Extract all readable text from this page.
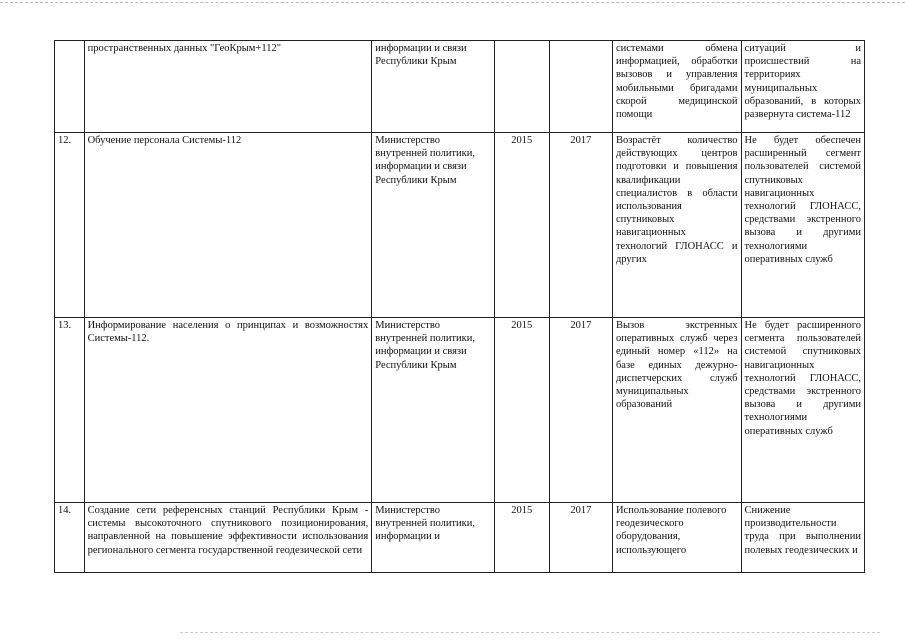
	пространственных данных "ГеоКрым+112"	информации и связи Республики Крым			системами обмена информацией, обработки вызовов и управления мобильными бригадами скорой медицинской помощи	ситуаций и происшествий на территориях муниципальных образований, в которых развернута система-112
12.	Обучение персонала Системы-112	Министерство внутренней политики, информации и связи Республики Крым	2015	2017	Возрастёт количество действующих центров подготовки и повышения квалификации специалистов в области использования спутниковых навигационных технологий ГЛОНАСС и других	Не будет обеспечен расширенный сегмент пользователей системой спутниковых навигационных технологий ГЛОНАСС, средствами экстренного вызова и другими технологиями оперативных служб
13.	Информирование населения о принципах и возможностях Системы-112.	Министерство внутренней политики, информации и связи Республики Крым	2015	2017	Вызов экстренных оперативных служб через единый номер «112» на базе единых дежурно-диспетчерских служб муниципальных образований	Не будет расширенного сегмента пользователей системой спутниковых навигационных технологий ГЛОНАСС, средствами экстренного вызова и другими технологиями оперативных служб
14.	Создание сети референсных станций Республики Крым - системы высокоточного спутникового позиционирования, направленной на повышение эффективности использования регионального сегмента государственной геодезической сети	Министерство внутренней политики, информации и	2015	2017	Использование полевого геодезического оборудования, использующего	Снижение производительности труда при выполнении полевых геодезических и
